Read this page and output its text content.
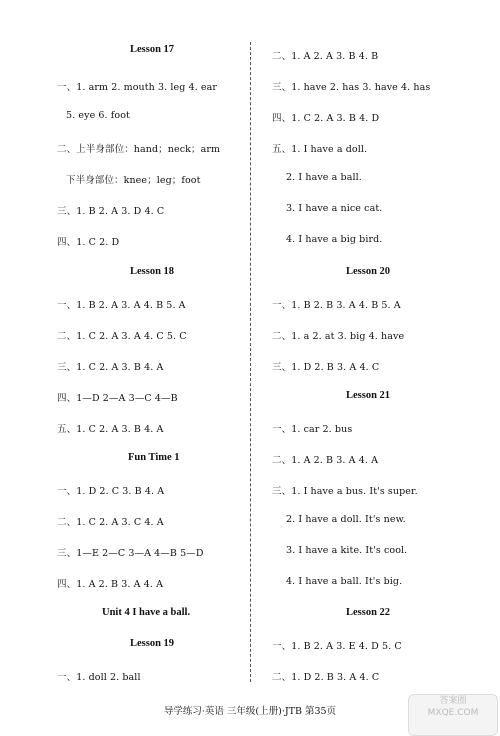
Lesson 17
一、1. arm 2. mouth 3. leg 4. ear
5. eye 6. foot
二、上半身部位：hand；neck；arm
下半身部位：knee；leg；foot
三、1. B 2. A 3. D 4. C
四、1. C 2. D
Lesson 18
一、1. B 2. A 3. A 4. B 5. A
二、1. C 2. A 3. A 4. C 5. C
三、1. C 2. A 3. B 4. A
四、1—D 2—A 3—C 4—B
五、1. C 2. A 3. B 4. A
Fun Time 1
一、1. D 2. C 3. B 4. A
二、1. C 2. A 3. C 4. A
三、1—E 2—C 3—A 4—B 5—D
四、1. A 2. B 3. A 4. A
Unit 4 I have a ball.
Lesson 19
一、1. doll 2. ball
二、1. A 2. A 3. B 4. B
三、1. have 2. has 3. have 4. has
四、1. C 2. A 3. B 4. D
五、1. I have a doll.
2. I have a ball.
3. I have a nice cat.
4. I have a big bird.
Lesson 20
一、1. B 2. B 3. A 4. B 5. A
二、1. a 2. at 3. big 4. have
三、1. D 2. B 3. A 4. C
Lesson 21
一、1. car 2. bus
二、1. A 2. B 3. A 4. A
三、1. I have a bus. It's super.
2. I have a doll. It's new.
3. I have a kite. It's cool.
4. I have a ball. It's big.
Lesson 22
一、1. B 2. A 3. E 4. D 5. C
二、1. D 2. B 3. A 4. C
导学练习·英语 三年级(上册)·JTB 第35页
答案圈
MXQE.COM
